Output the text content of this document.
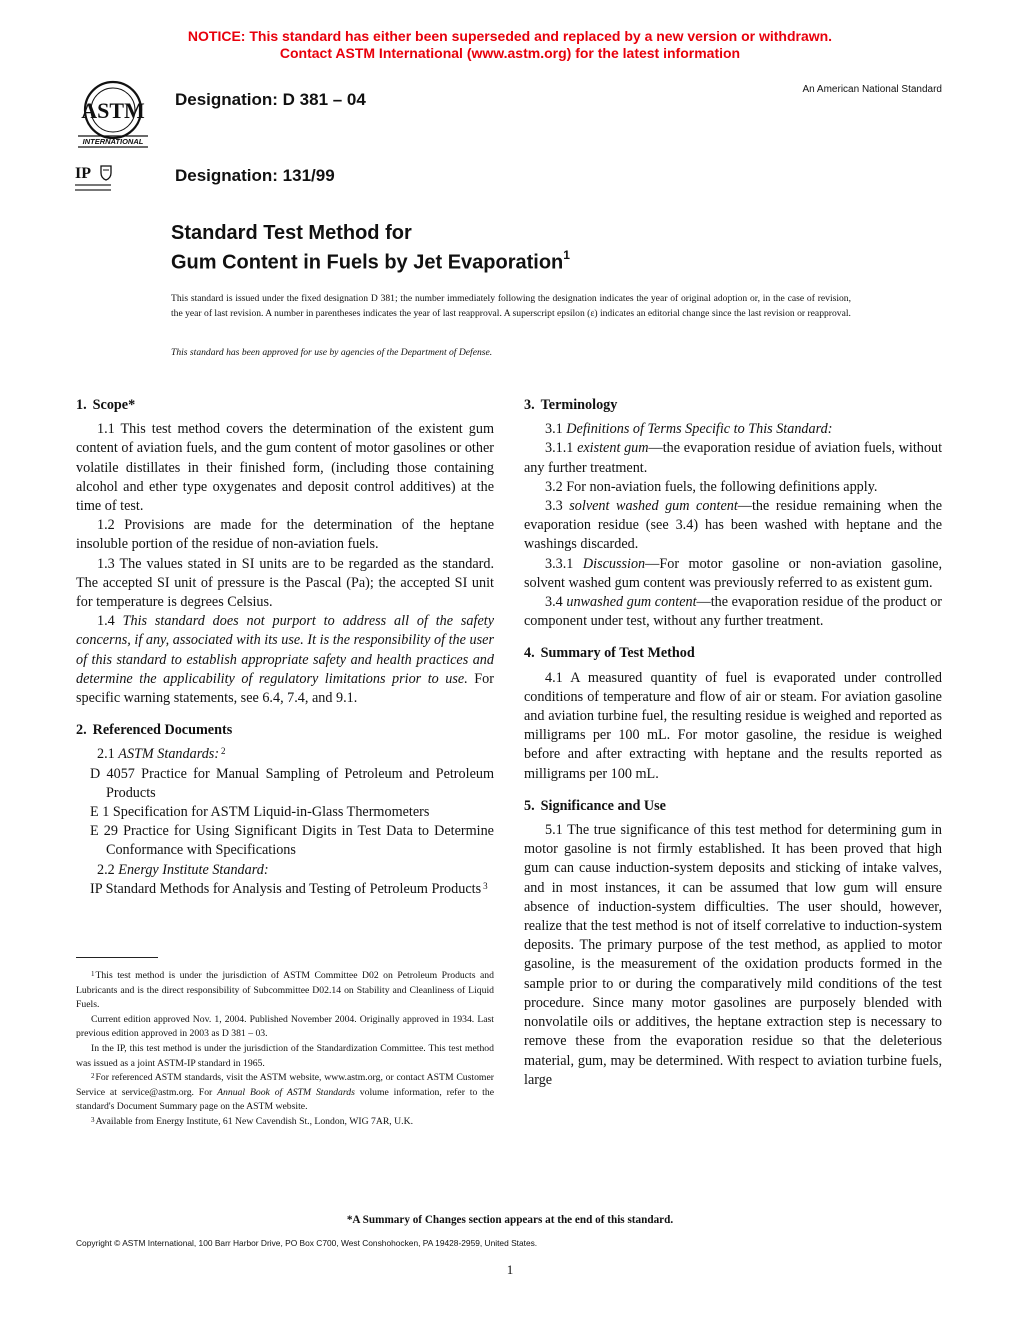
NOTICE: This standard has either been superseded and replaced by a new version or withdrawn.
Contact ASTM International (www.astm.org) for the latest information
ASTM
INTERNATIONAL
IP
Designation: D 381 – 04
Designation: 131/99
An American National Standard
Standard Test Method for
Gum Content in Fuels by Jet Evaporation$^1$
This standard is issued under the fixed designation D 381; the number immediately following the designation indicates the year of original adoption or, in the case of revision, the year of last revision. A number in parentheses indicates the year of last reapproval. A superscript epsilon (ε) indicates an editorial change since the last revision or reapproval.
This standard has been approved for use by agencies of the Department of Defense.
1. Scope*

1.1 This test method covers the determination of the existent gum content of aviation fuels, and the gum content of motor gasolines or other volatile distillates in their finished form, (including those containing alcohol and ether type oxygenates and deposit control additives) at the time of test.

1.2 Provisions are made for the determination of the heptane insoluble portion of the residue of non-aviation fuels.

1.3 The values stated in SI units are to be regarded as the standard. The accepted SI unit of pressure is the Pascal (Pa); the accepted SI unit for temperature is degrees Celsius.

1.4 This standard does not purport to address all of the safety concerns, if any, associated with its use. It is the responsibility of the user of this standard to establish appropriate safety and health practices and determine the applicability of regulatory limitations prior to use. For specific warning statements, see 6.4, 7.4, and 9.1.

2. Referenced Documents

2.1 ASTM Standards: $^2$

D 4057 Practice for Manual Sampling of Petroleum and Petroleum Products

E 1 Specification for ASTM Liquid-in-Glass Thermometers

E 29 Practice for Using Significant Digits in Test Data to Determine Conformance with Specifications

2.2 Energy Institute Standard:

IP Standard Methods for Analysis and Testing of Petroleum Products $^3$

$^1$This test method is under the jurisdiction of ASTM Committee D02 on Petroleum Products and Lubricants and is the direct responsibility of Subcommittee D02.14 on Stability and Cleanliness of Liquid Fuels.

Current edition approved Nov. 1, 2004. Published November 2004. Originally approved in 1934. Last previous edition approved in 2003 as D 381 – 03.

In the IP, this test method is under the jurisdiction of the Standardization Committee. This test method was issued as a joint ASTM-IP standard in 1965.

$^2$For referenced ASTM standards, visit the ASTM website, www.astm.org, or contact ASTM Customer Service at service@astm.org. For Annual Book of ASTM Standards volume information, refer to the standard's Document Summary page on the ASTM website.

$^3$Available from Energy Institute, 61 New Cavendish St., London, WIG 7AR, U.K.

3. Terminology

3.1 Definitions of Terms Specific to This Standard:

3.1.1 existent gum—the evaporation residue of aviation fuels, without any further treatment.

3.2 For non-aviation fuels, the following definitions apply.

3.3 solvent washed gum content—the residue remaining when the evaporation residue (see 3.4) has been washed with heptane and the washings discarded.

3.3.1 Discussion—For motor gasoline or non-aviation gasoline, solvent washed gum content was previously referred to as existent gum.

3.4 unwashed gum content—the evaporation residue of the product or component under test, without any further treatment.

4. Summary of Test Method

4.1 A measured quantity of fuel is evaporated under controlled conditions of temperature and flow of air or steam. For aviation gasoline and aviation turbine fuel, the resulting residue is weighed and reported as milligrams per 100 mL. For motor gasoline, the residue is weighed before and after extracting with heptane and the results reported as milligrams per 100 mL.

5. Significance and Use

5.1 The true significance of this test method for determining gum in motor gasoline is not firmly established. It has been proved that high gum can cause induction-system deposits and sticking of intake valves, and in most instances, it can be assumed that low gum will ensure absence of induction-system difficulties. The user should, however, realize that the test method is not of itself correlative to induction-system deposits. The primary purpose of the test method, as applied to motor gasoline, is the measurement of the oxidation products formed in the sample prior to or during the comparatively mild conditions of the test procedure. Since many motor gasolines are purposely blended with nonvolatile oils or additives, the heptane extraction step is necessary to remove these from the evaporation residue so that the deleterious material, gum, may be determined. With respect to aviation turbine fuels, large

*A Summary of Changes section appears at the end of this standard.
Copyright © ASTM International, 100 Barr Harbor Drive, PO Box C700, West Conshohocken, PA 19428-2959, United States.
1
